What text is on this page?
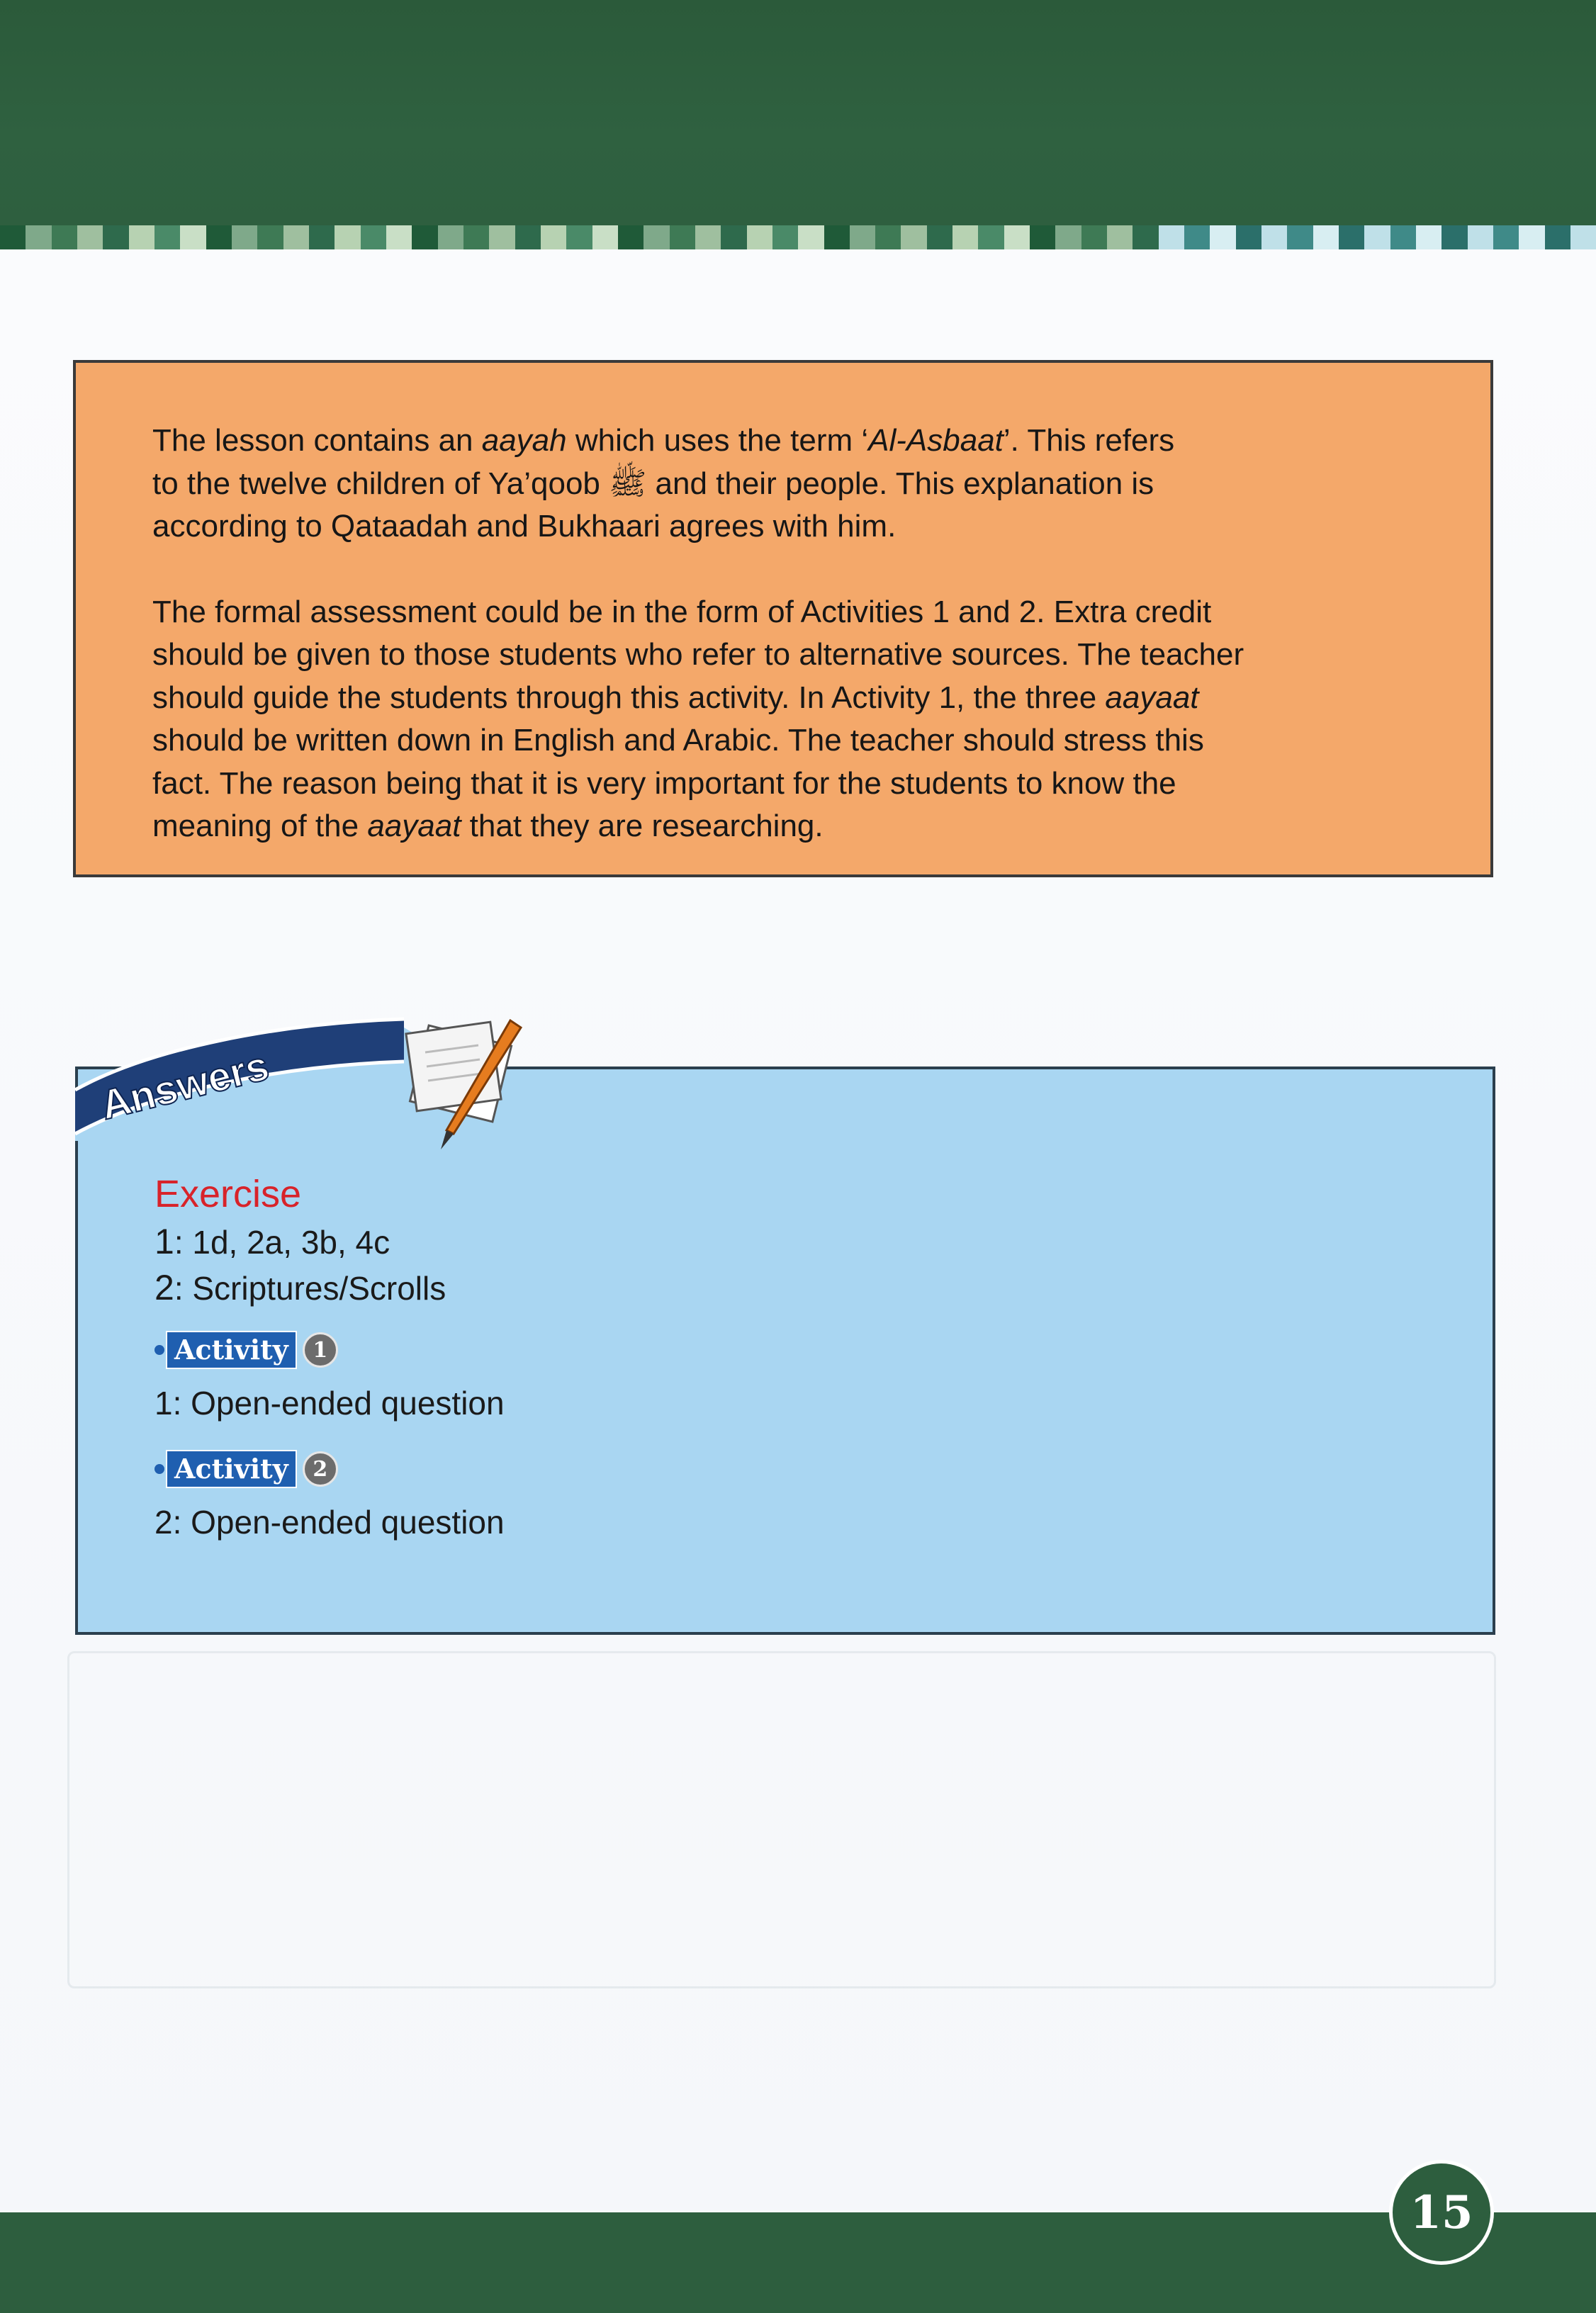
The lesson contains an aayah which uses the term ‘Al-Asbaat’. This refers
to the twelve children of Ya’qoob ﷺ and their people. This explanation is
according to Qataadah and Bukhaari agrees with him.

The formal assessment could be in the form of Activities 1 and 2. Extra credit
should be given to those students who refer to alternative sources. The teacher
should guide the students through this activity. In Activity 1, the three aayaat
should be written down in English and Arabic. The teacher should stress this
fact. The reason being that it is very important for the students to know the
meaning of the aayaat that they are researching.

Answers

Exercise

1: 1d, 2a, 3b, 4c

2: Scriptures/Scrolls

Activity	1

1: Open-ended question

Activity	2

2: Open-ended question

15
